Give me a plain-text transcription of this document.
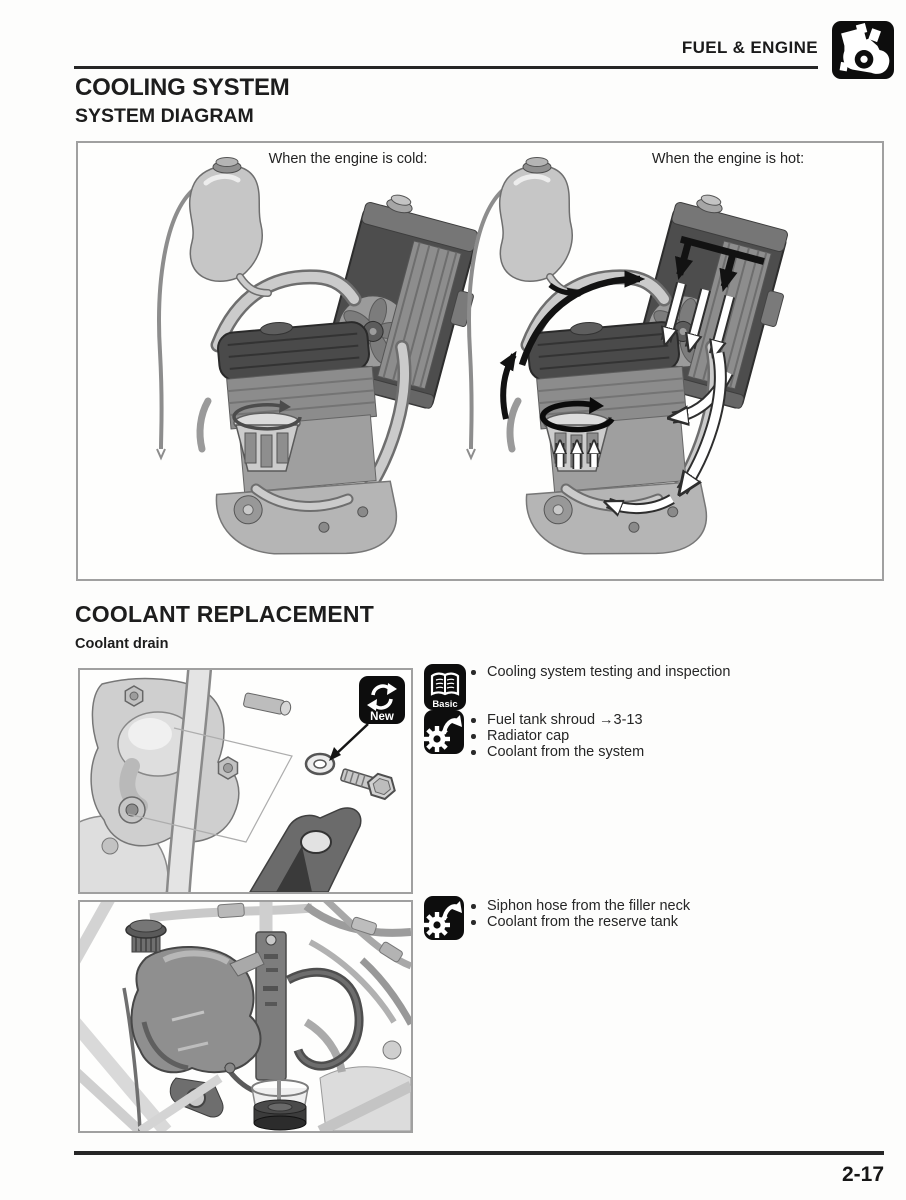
FUEL & ENGINE
COOLING SYSTEM
SYSTEM DIAGRAM
When the engine is cold:	When the engine is hot:
COOLANT REPLACEMENT
Coolant drain
New
Basic
Cooling system testing and inspection
Fuel tank shroud →3-13
Radiator cap
Coolant from the system
Siphon hose from the filler neck
Coolant from the reserve tank
2-17
